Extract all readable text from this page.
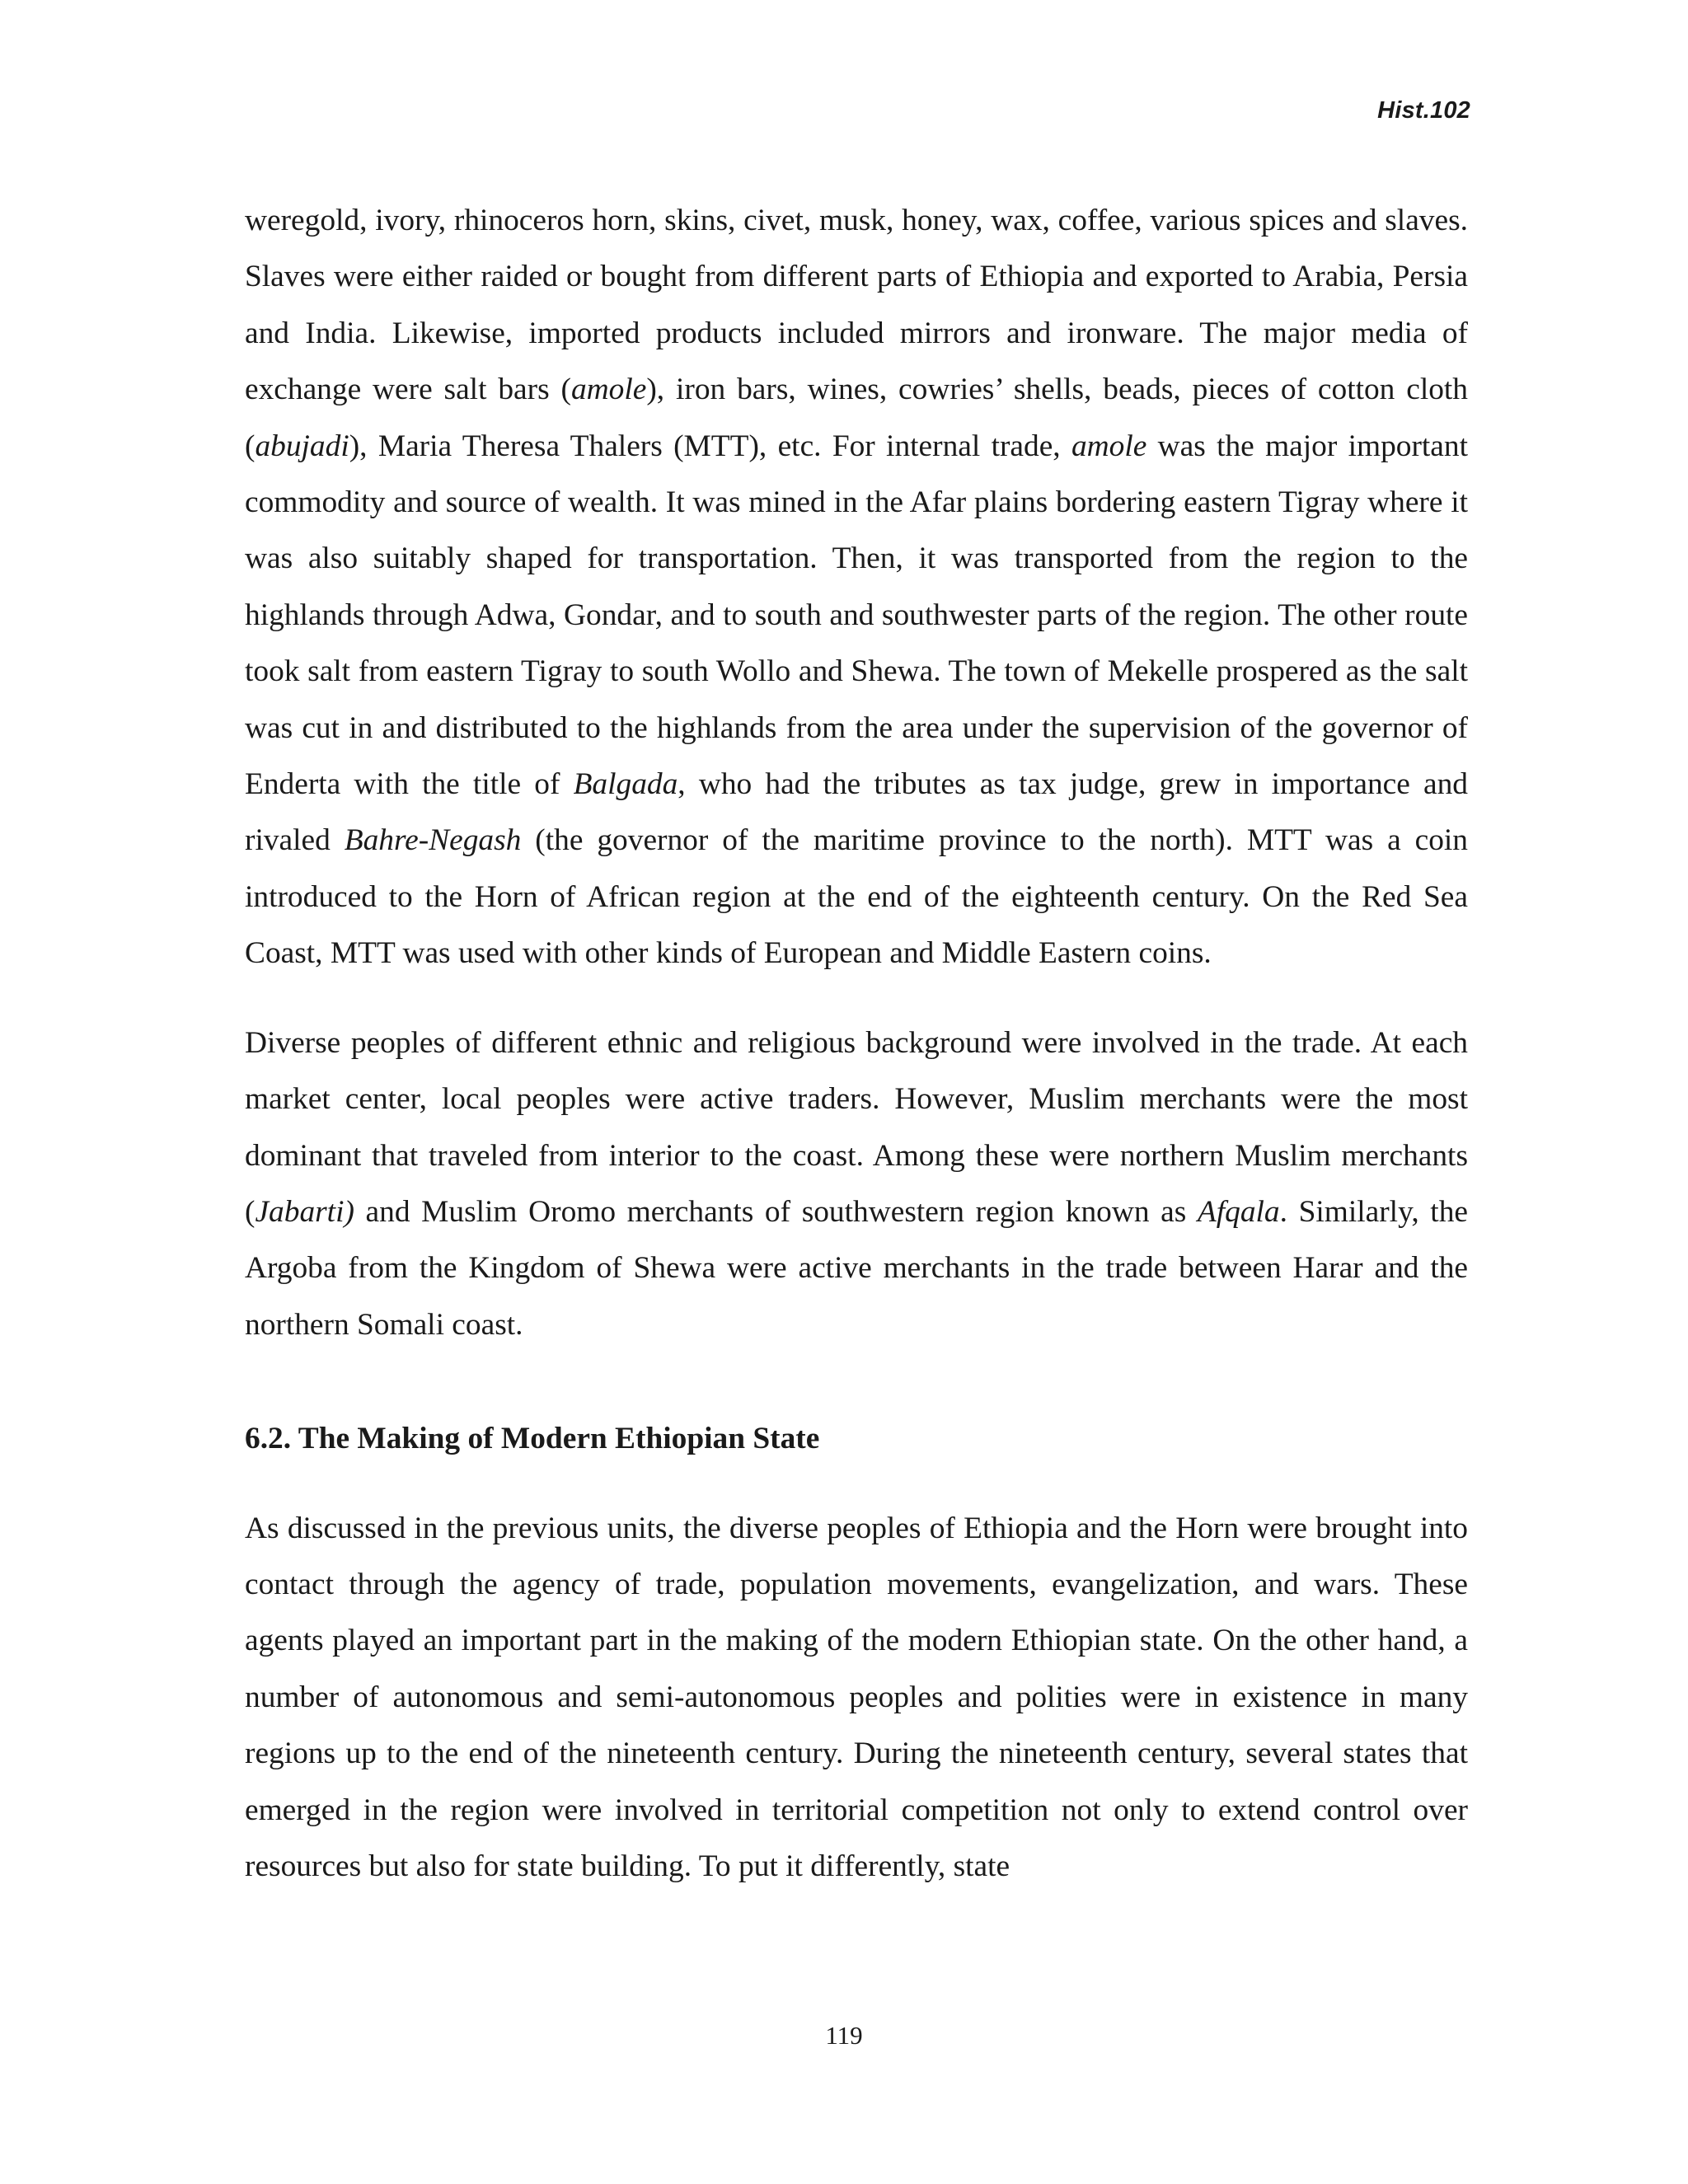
Hist.102

weregold, ivory, rhinoceros horn, skins, civet, musk, honey, wax, coffee, various spices and slaves. Slaves were either raided or bought from different parts of Ethiopia and exported to Arabia, Persia and India. Likewise, imported products included mirrors and ironware. The major media of exchange were salt bars (amole), iron bars, wines, cowries’ shells, beads, pieces of cotton cloth (abujadi), Maria Theresa Thalers (MTT), etc. For internal trade, amole was the major important commodity and source of wealth. It was mined in the Afar plains bordering eastern Tigray where it was also suitably shaped for transportation. Then, it was transported from the region to the highlands through Adwa, Gondar, and to south and southwester parts of the region. The other route took salt from eastern Tigray to south Wollo and Shewa. The town of Mekelle prospered as the salt was cut in and distributed to the highlands from the area under the supervision of the governor of Enderta with the title of Balgada, who had the tributes as tax judge, grew in importance and rivaled Bahre-Negash (the governor of the maritime province to the north). MTT was a coin introduced to the Horn of African region at the end of the eighteenth century. On the Red Sea Coast, MTT was used with other kinds of European and Middle Eastern coins.

Diverse peoples of different ethnic and religious background were involved in the trade. At each market center, local peoples were active traders. However, Muslim merchants were the most dominant that traveled from interior to the coast. Among these were northern Muslim merchants (Jabarti) and Muslim Oromo merchants of southwestern region known as Afqala. Similarly, the Argoba from the Kingdom of Shewa were active merchants in the trade between Harar and the northern Somali coast.

6.2. The Making of Modern Ethiopian State

As discussed in the previous units, the diverse peoples of Ethiopia and the Horn were brought into contact through the agency of trade, population movements, evangelization, and wars. These agents played an important part in the making of the modern Ethiopian state. On the other hand, a number of autonomous and semi-autonomous peoples and polities were in existence in many regions up to the end of the nineteenth century. During the nineteenth century, several states that emerged in the region were involved in territorial competition not only to extend control over resources but also for state building. To put it differently, state

119
